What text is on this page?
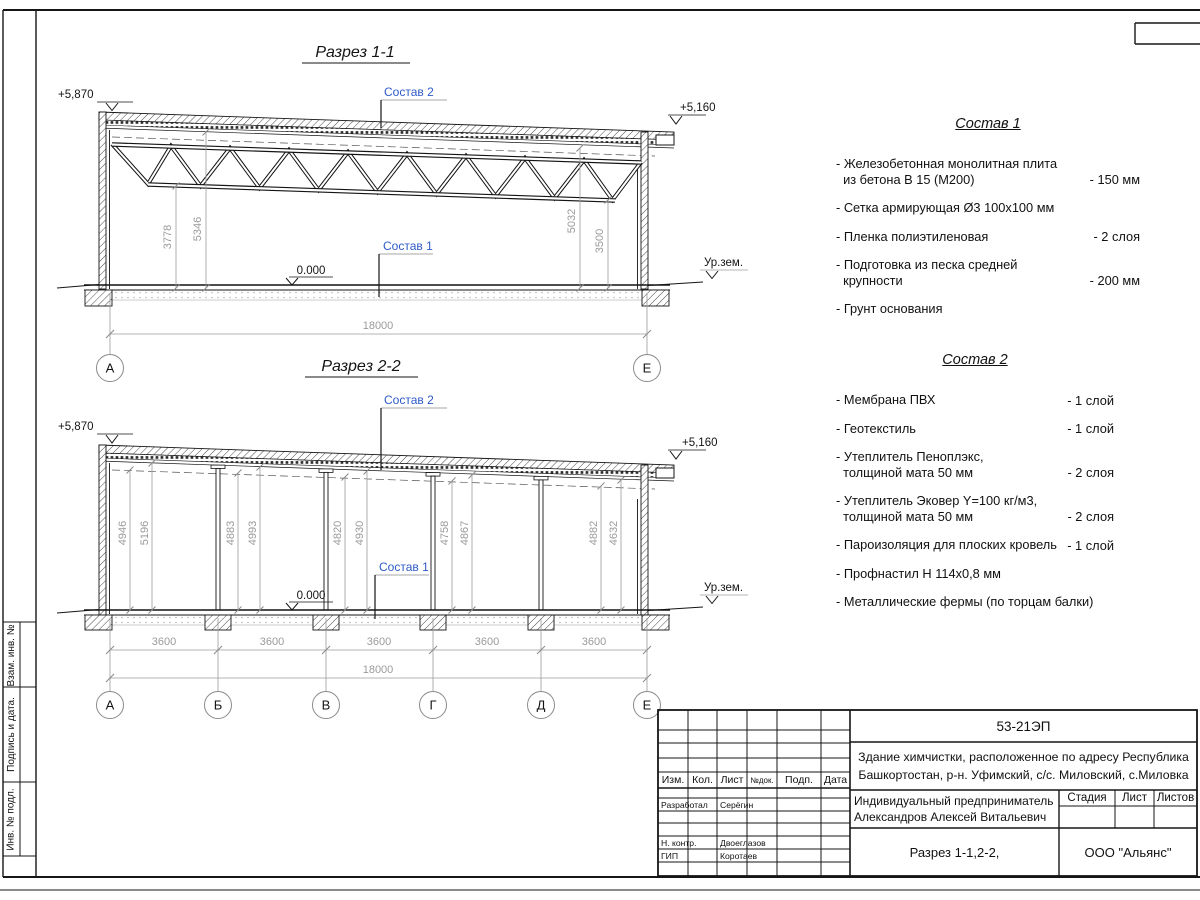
Разрез 1-1
3778 5346	5032
3500
0.000
+5,870
+5,160
Ур.зем.
18000
А	Е
Состав 2
Состав 1
Разрез 2-2
4946 5196	4883 4993	4820 4930	4758 4867	4882 4632
0.000
+5,870
+5,160
Ур.зем.
3600	3600	3600	3600	3600
18000
А	Б	В	Г	Д	Е
Состав 2
Состав 1
Состав 1
- Железобетонная монолитная плита
из бетона В 15 (М200)	- 150 мм
- Сетка армирующая Ø3 100х100 мм
- Пленка полиэтиленовая	- 2 слоя
- Подготовка из песка средней
крупности	- 200 мм
- Грунт основания
Состав 2
- Мембрана ПВХ	- 1 слой
- Геотекстиль	- 1 слой
- Утеплитель Пеноплэкс,
толщиной мата 50 мм	- 2 слоя
- Утеплитель Эковер Y=100 кг/м3,
толщиной мата 50 мм	- 2 слоя
- Пароизоляция для плоских кровель - 1 слой
- Профнастил Н 114х0,8 мм
- Металлические фермы (по торцам балки)
53-21ЭП
Здание химчистки, расположенное по адресу Республика
Башкортостан, р-н. Уфимский, с/с. Миловский, с.Миловка
Изм. Кол. Лист №док.	Подп.	Дата
Разработал	Серёгин
Н. контр.	Двоеглазов
ГИП	Коротаев
Индивидуальный предприниматель
Александров Алексей Витальевич
Стадия	Лист Листов
Разрез 1-1,2-2,	ООО "Альянс"
Взам. инв. №
Подпись и дата.
Инв. № подл.
